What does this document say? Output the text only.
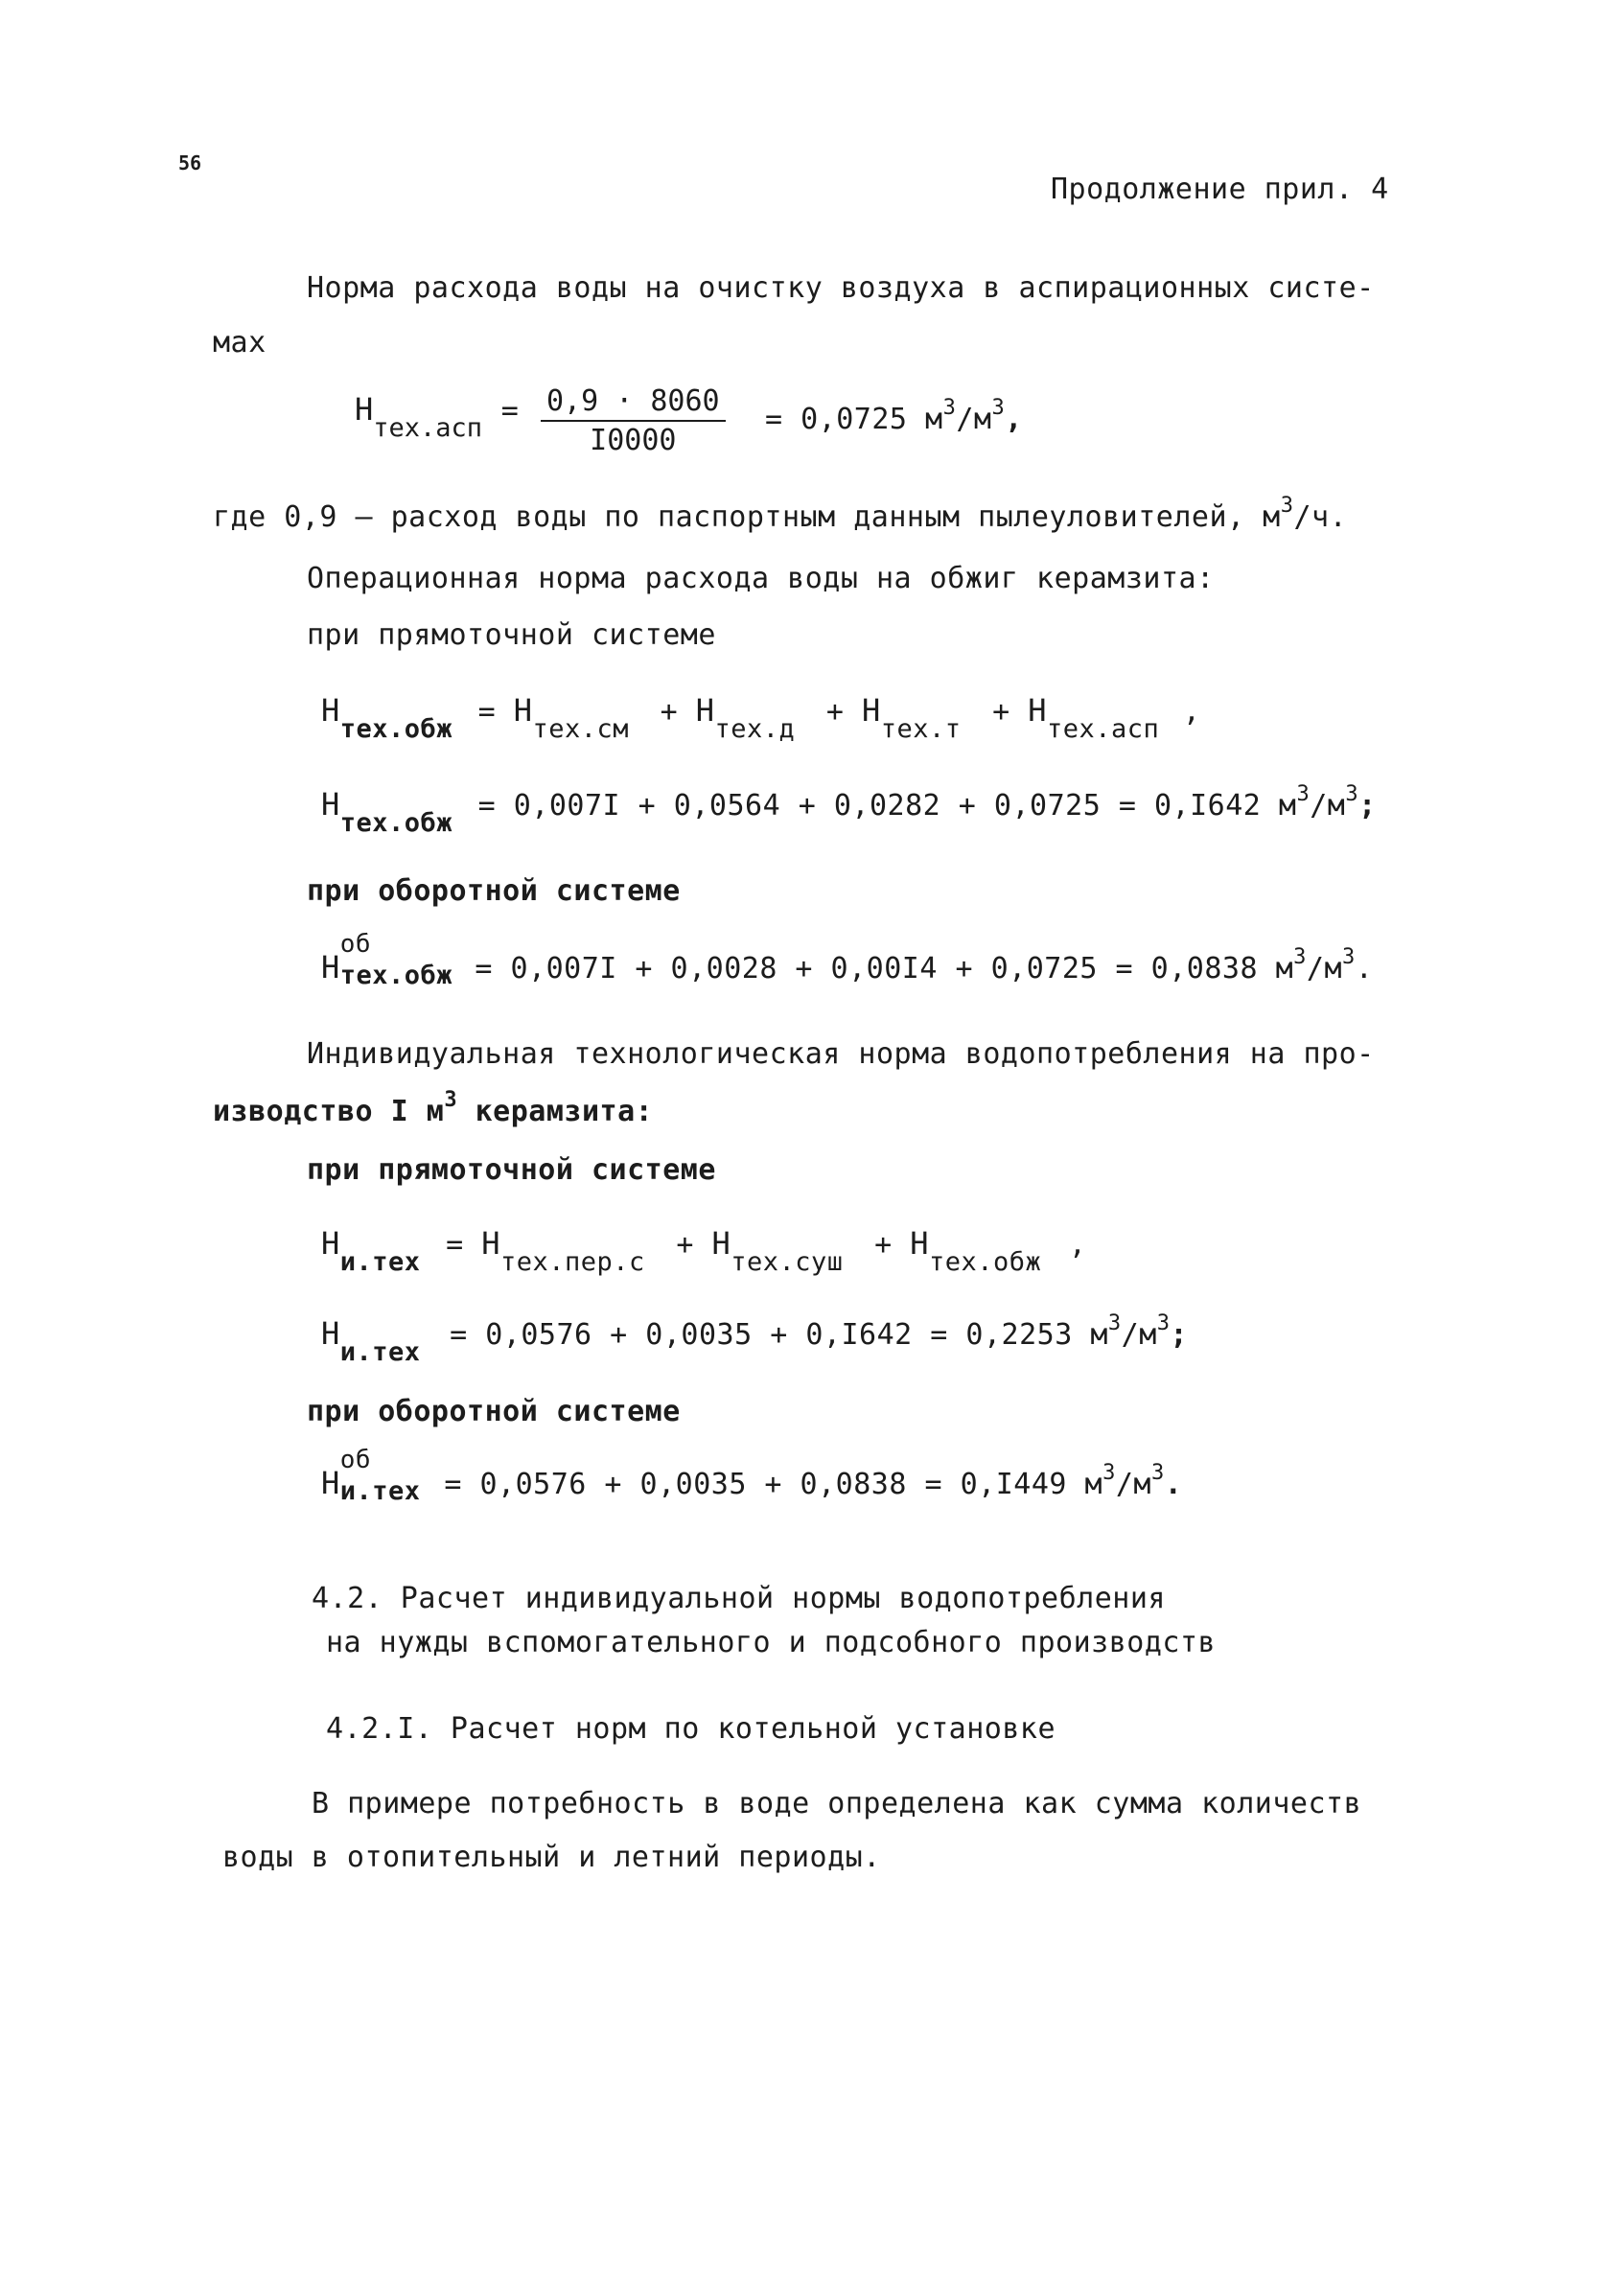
56
Продолжение прил. 4
Норма расхода воды на очистку воздуха в аспирационных систе-
мах
Нтех.асп = $\frac{0,9 \cdot 8060}{I0000} = 0,0725$ $м^3/м^3$,
где 0,9 – расход воды по паспортным данным пылеуловителей, $м^3/ч$.
Операционная норма расхода воды на обжиг керамзита:
при прямоточной системе
Нтех.обж = Нтех.см + Нтех.д + Нтех.т + Нтех.асп ,
Нтех.обж = 0,007I + 0,0564 + 0,0282 + 0,0725 = 0,I642 $м^3/м^3$;
при оборотной системе
Н
об
тех.обж = 0,007I + 0,0028 + 0,00I4 + 0,0725 = 0,0838 $м^3/м^3$.
Индивидуальная технологическая норма водопотребления на про-
изводство I $м^3$ керамзита:
при прямоточной системе
Ни.тех = Нтех.пер.с + Нтех.суш + Нтех.обж ,
Ни.тех = 0,0576 + 0,0035 + 0,I642 = 0,2253 $м^3/м^3$;
при оборотной системе
Н
об
и.тех = 0,0576 + 0,0035 + 0,0838 = 0,I449 $м^3/м^3$.
4.2. Расчет индивидуальной нормы водопотребления
на нужды вспомогательного и подсобного производств
4.2.I. Расчет норм по котельной установке
В примере потребность в воде определена как сумма количеств
воды в отопительный и летний периоды.
